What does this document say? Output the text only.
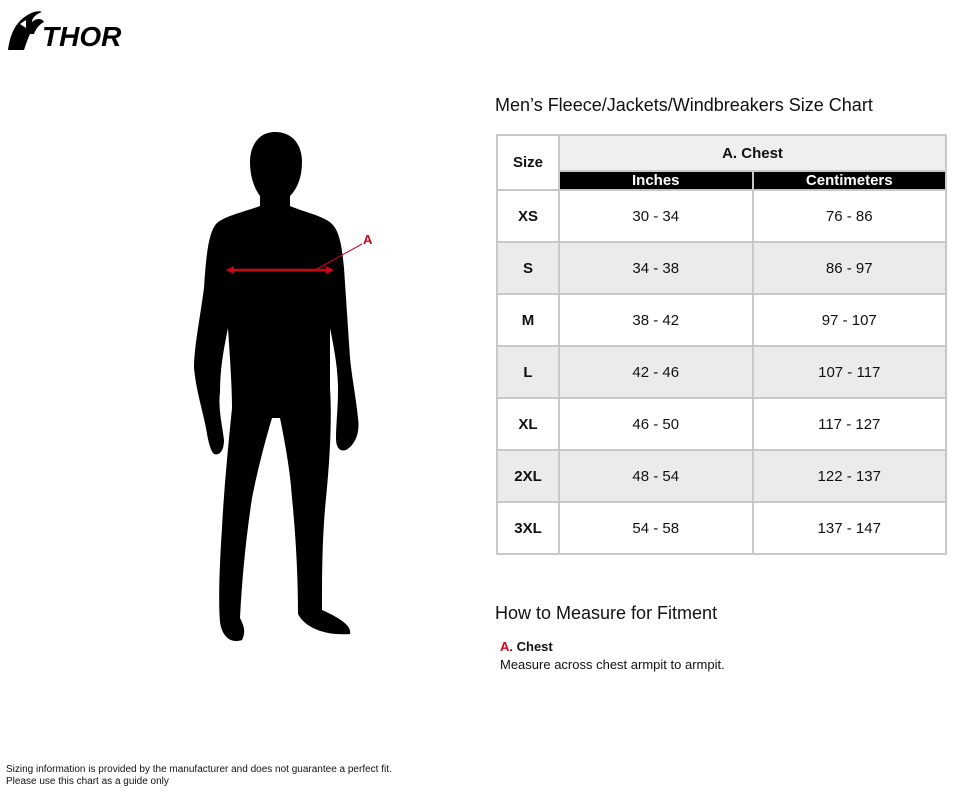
THOR
A
Men’s Fleece/Jackets/Windbreakers Size Chart
Size	A. Chest	
	Inches	Centimeters
XS	30 - 34	76 - 86
S	34 - 38	86 - 97
M	38 - 42	97 - 107
L	42 - 46	107 - 117
XL	46 - 50	117 - 127
2XL	48 - 54	122 - 137
3XL	54 - 58	137 - 147
How to Measure for Fitment
A. Chest
Measure across chest armpit to armpit.
Sizing information is provided by the manufacturer and does not guarantee a perfect fit.
Please use this chart as a guide only
